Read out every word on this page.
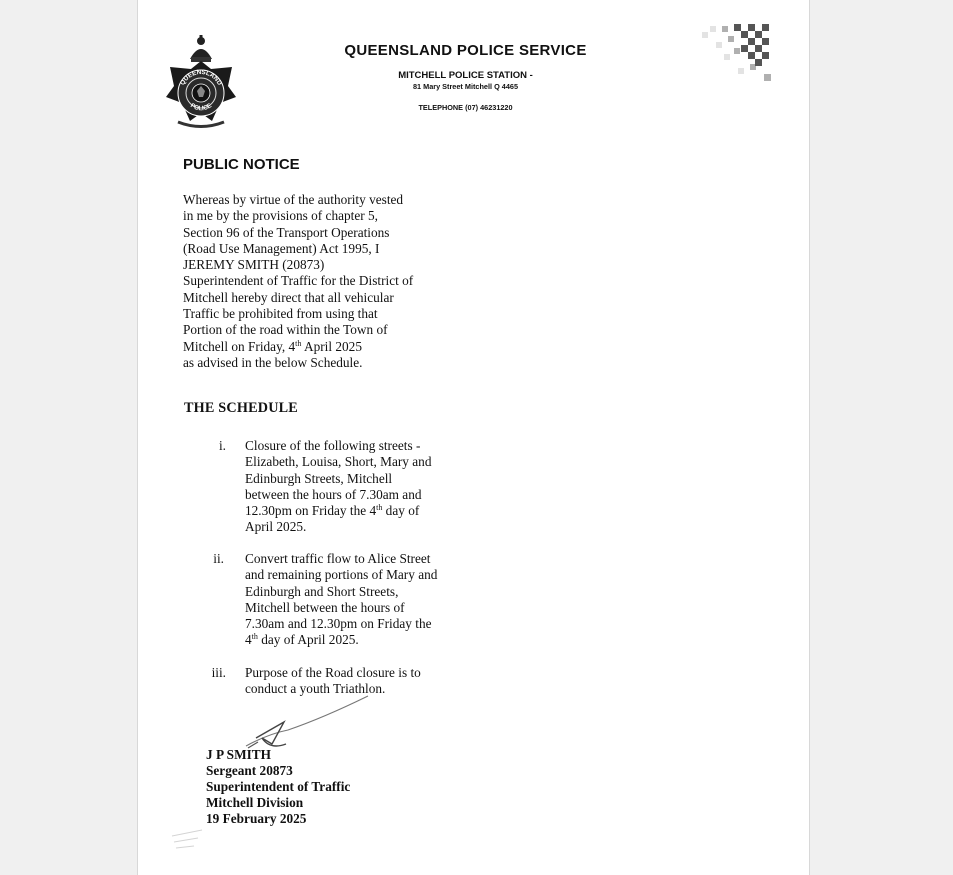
QUEENSLAND
POLICE
QUEENSLAND POLICE SERVICE
MITCHELL POLICE STATION -
81 Mary Street Mitchell Q 4465
TELEPHONE (07) 46231220
PUBLIC NOTICE
Whereas by virtue of the authority vested
in me by the provisions of chapter 5,
Section 96 of the Transport Operations
(Road Use Management) Act 1995, I
JEREMY SMITH (20873)
Superintendent of Traffic for the District of
Mitchell hereby direct that all vehicular
Traffic be prohibited from using that
Portion of the road within the Town of
Mitchell on Friday, 4th April 2025
as advised in the below Schedule.
THE SCHEDULE
i. Closure of the following streets -
Elizabeth, Louisa, Short, Mary and
Edinburgh Streets, Mitchell
between the hours of 7.30am and
12.30pm on Friday the 4th day of
April 2025.
ii. Convert traffic flow to Alice Street
and remaining portions of Mary and
Edinburgh and Short Streets,
Mitchell between the hours of
7.30am and 12.30pm on Friday the
4th day of April 2025.
iii. Purpose of the Road closure is to
conduct a youth Triathlon.
J P SMITH
Sergeant 20873
Superintendent of Traffic
Mitchell Division
19 February 2025
